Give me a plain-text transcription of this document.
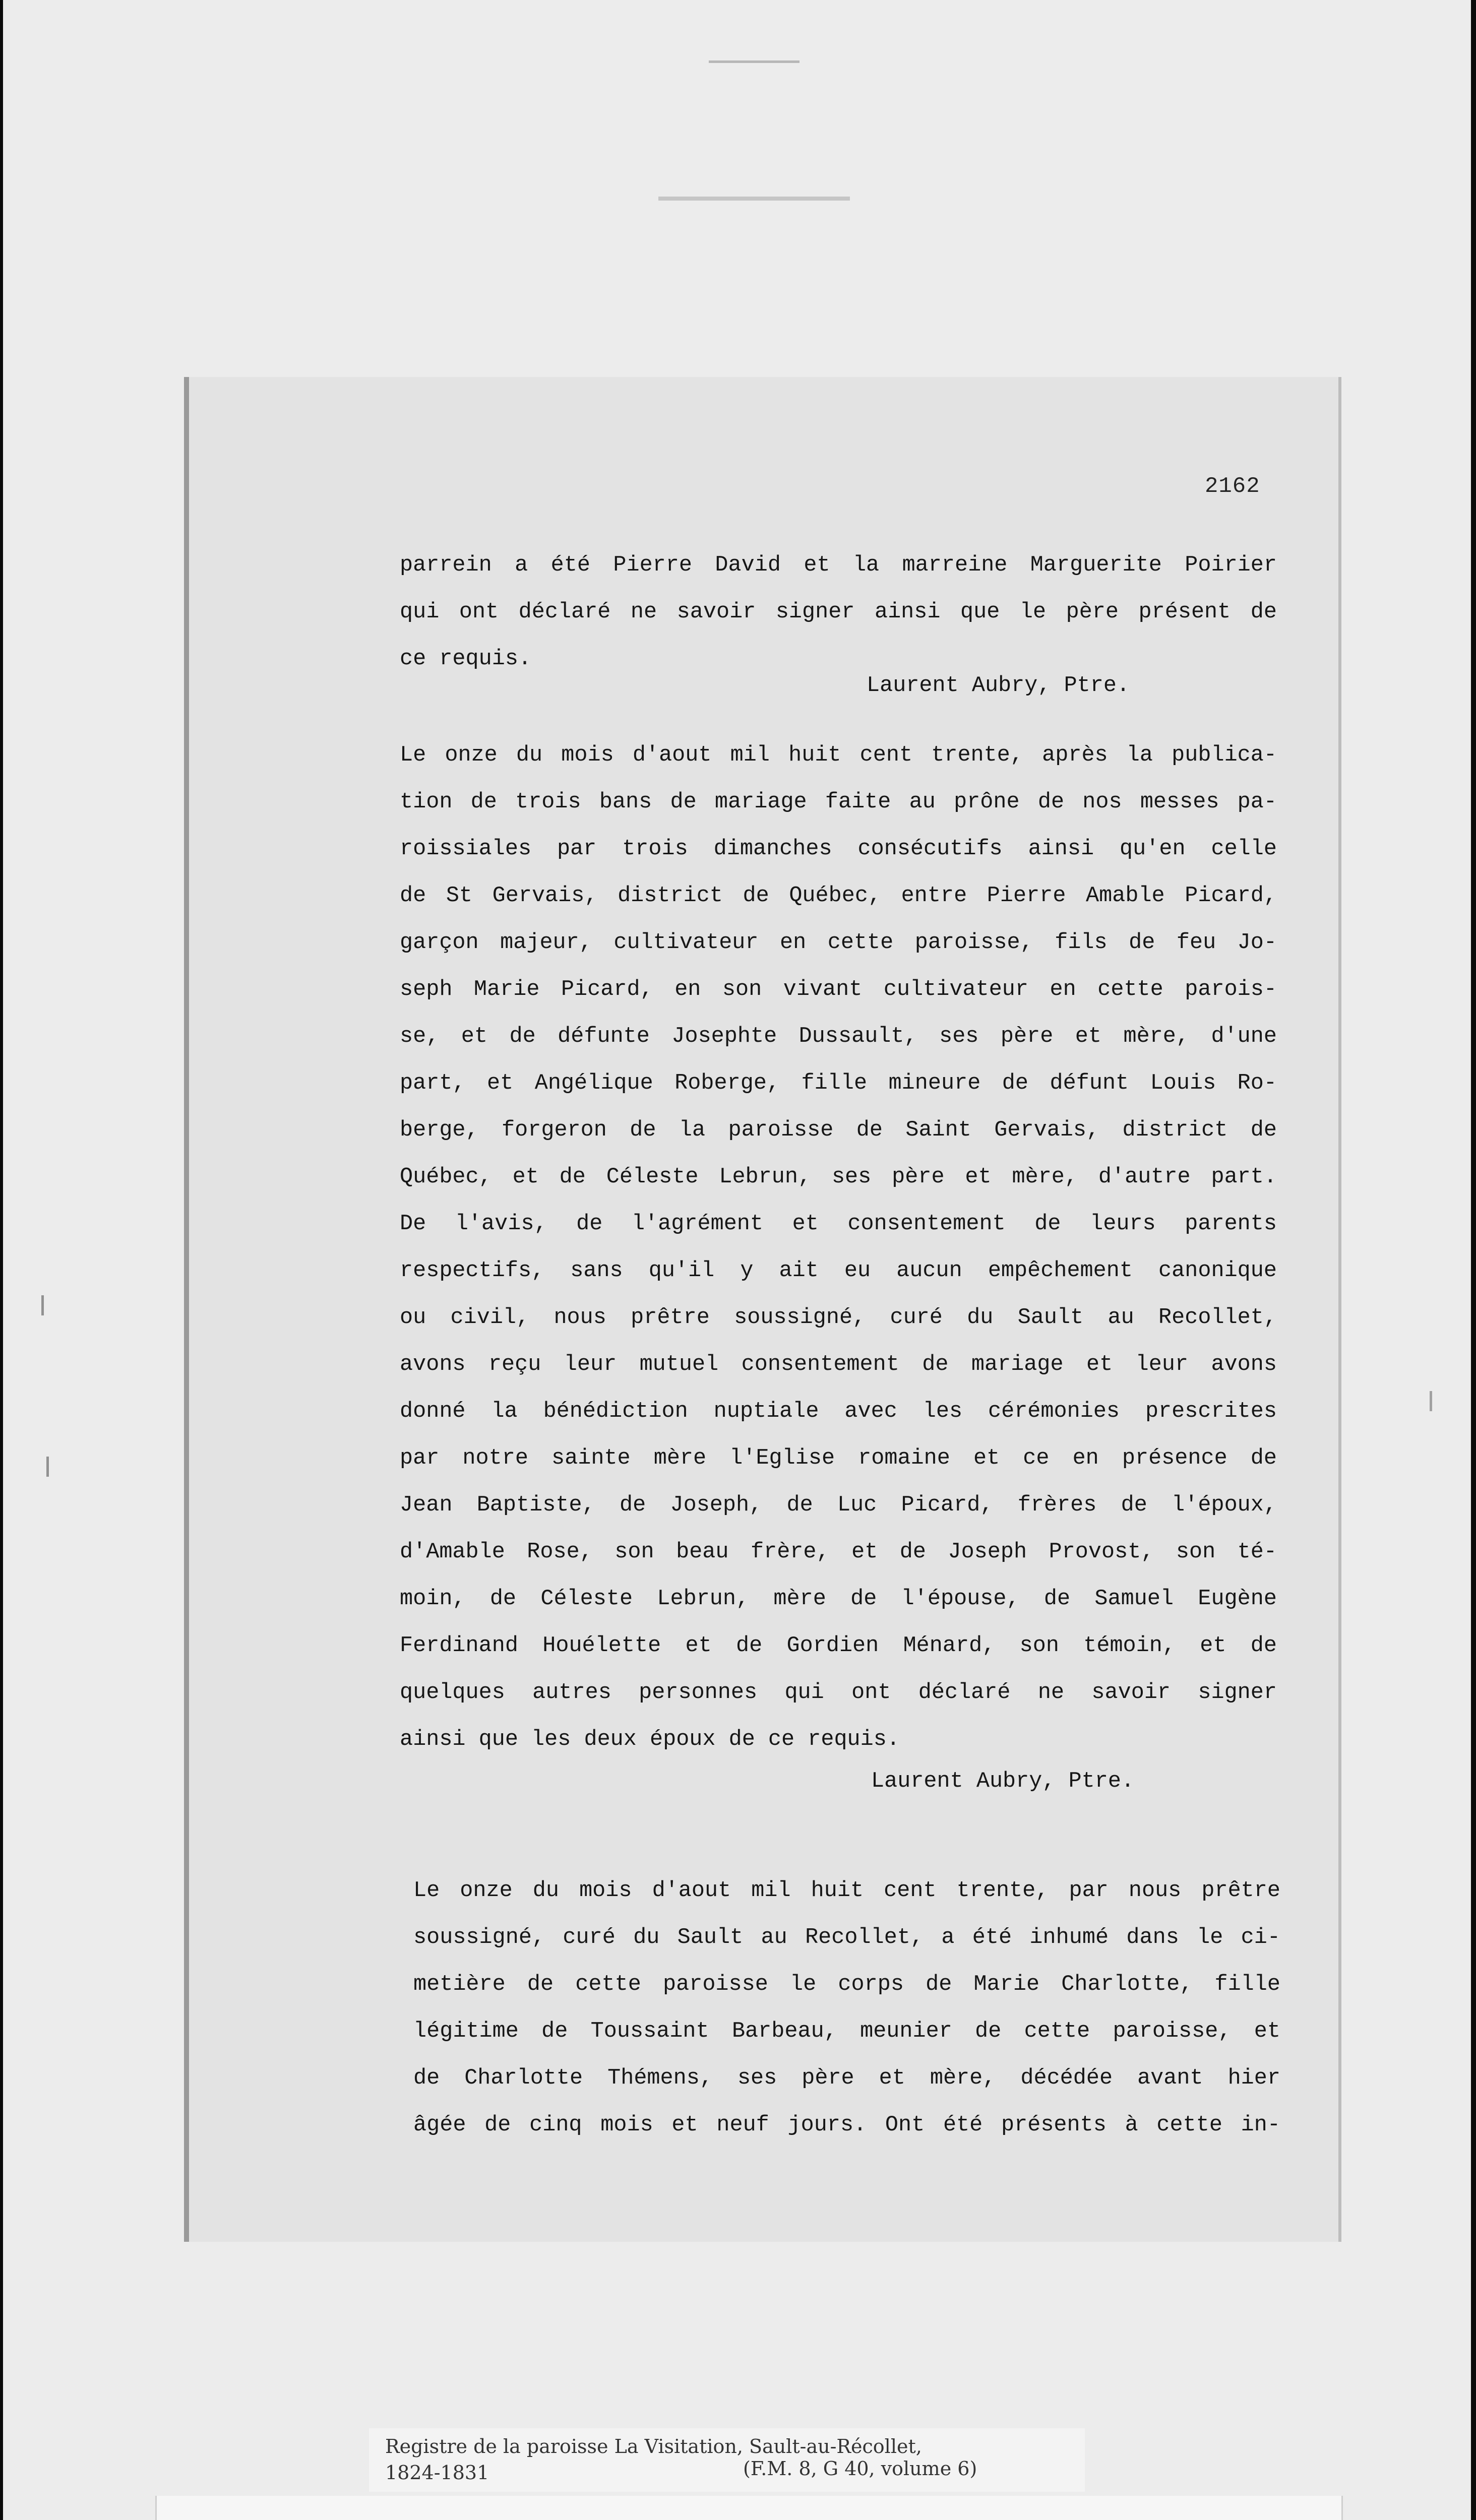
2162
parrein a été Pierre David et la marreine Marguerite Poirier
qui ont déclaré ne savoir signer ainsi que le père présent de
ce requis.
Laurent Aubry, Ptre.
Le onze du mois d'aout mil huit cent trente, après la publica-
tion de trois bans de mariage faite au prône de nos messes pa-
roissiales par trois dimanches consécutifs ainsi qu'en celle
de St Gervais, district de Québec, entre Pierre Amable Picard,
garçon majeur, cultivateur en cette paroisse, fils de feu Jo-
seph Marie Picard, en son vivant cultivateur en cette parois-
se, et de défunte Josephte Dussault, ses père et mère, d'une
part, et Angélique Roberge, fille mineure de défunt Louis Ro-
berge, forgeron de la paroisse de Saint Gervais, district de
Québec, et de Céleste Lebrun, ses père et mère, d'autre part.
De l'avis, de l'agrément et consentement de leurs parents
respectifs, sans qu'il y ait eu aucun empêchement canonique
ou civil, nous prêtre soussigné, curé du Sault au Recollet,
avons reçu leur mutuel consentement de mariage et leur avons
donné la bénédiction nuptiale avec les cérémonies prescrites
par notre sainte mère l'Eglise romaine et ce en présence de
Jean Baptiste, de Joseph, de Luc Picard, frères de l'époux,
d'Amable Rose, son beau frère, et de Joseph Provost, son té-
moin, de Céleste Lebrun, mère de l'épouse, de Samuel Eugène
Ferdinand Houélette et de Gordien Ménard, son témoin, et de
quelques autres personnes qui ont déclaré ne savoir signer
ainsi que les deux époux de ce requis.
Laurent Aubry, Ptre.
Le onze du mois d'aout mil huit cent trente, par nous prêtre
soussigné, curé du Sault au Recollet, a été inhumé dans le ci-
metière de cette paroisse le corps de Marie Charlotte, fille
légitime de Toussaint Barbeau, meunier de cette paroisse, et
de Charlotte Thémens, ses père et mère, décédée avant hier
âgée de cinq mois et neuf jours. Ont été présents à cette in-
Registre de la paroisse La Visitation, Sault-au-Récollet,
1824-1831	(F.M. 8, G 40, volume 6)
